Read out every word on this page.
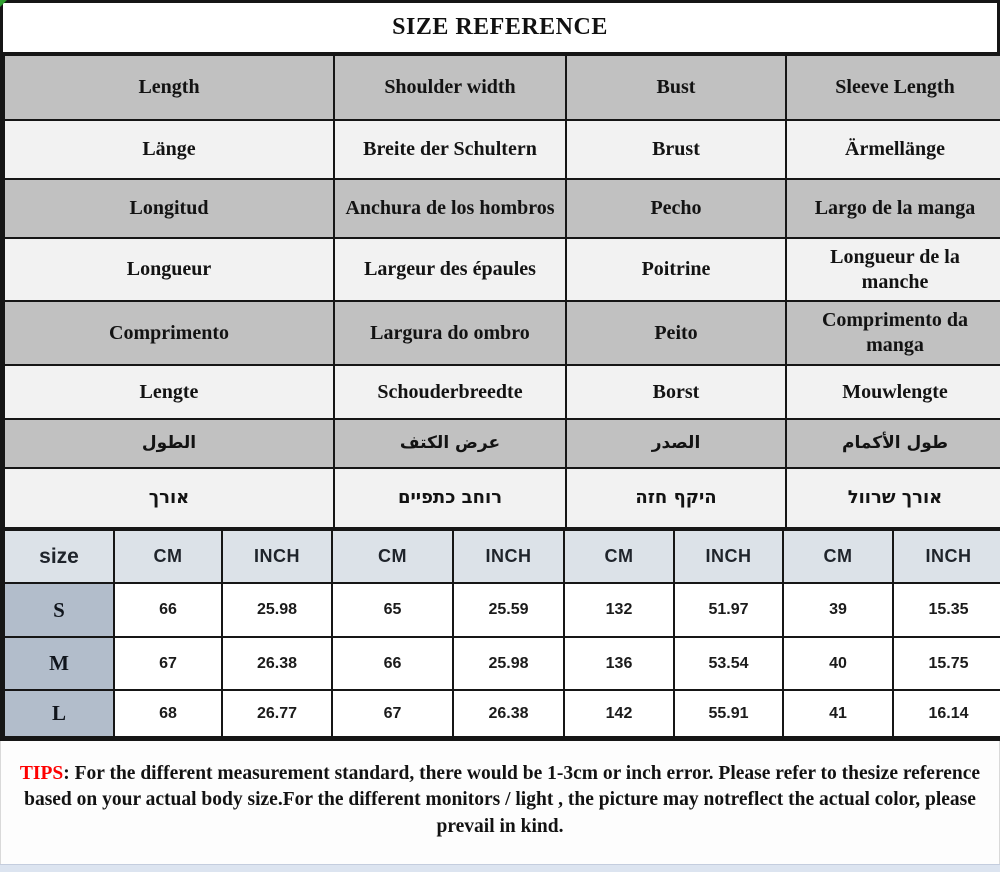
SIZE REFERENCE
Length	Shoulder width	Bust	Sleeve Length
Länge	Breite der Schultern	Brust	Ärmellänge
Longitud	Anchura de los hombros	Pecho	Largo de la manga
Longueur	Largeur des épaules	Poitrine	Longueur de la manche
Comprimento	Largura do ombro	Peito	Comprimento da manga
Lengte	Schouderbreedte	Borst	Mouwlengte
الطول	عرض الكتف	الصدر	طول الأكمام
אורך	רוחב כתפיים	היקף חזה	אורך שרוול
size	CM	INCH	CM	INCH	CM	INCH	CM	INCH
S	66	25.98	65	25.59	132	51.97	39	15.35
M	67	26.38	66	25.98	136	53.54	40	15.75
L	68	26.77	67	26.38	142	55.91	41	16.14
TIPS: For the different measurement standard, there would be 1-3cm or inch error. Please refer to thesize reference based on your actual body size.For the different monitors / light , the picture may notreflect the actual color, please prevail in kind.
